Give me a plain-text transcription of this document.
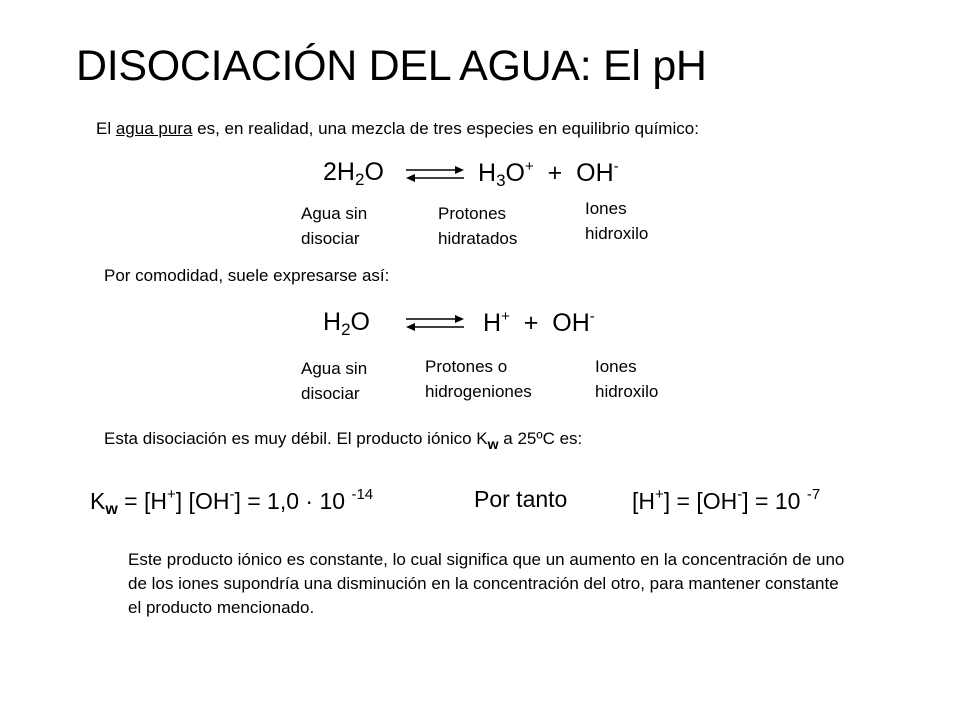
DISOCIACIÓN DEL AGUA: El pH
El agua pura es, en realidad, una mezcla de tres especies en equilibrio químico:
$2H_2O$	$H_3O^+ + OH^-$
Agua sin
disociar
Protones
hidratados
Iones
hidroxilo
Por comodidad, suele expresarse así:
$H_2O$	H+ + OH-
Agua sin
disociar
Protones o
hidrogeniones
Iones
hidroxilo
Esta disociación es muy débil. El producto iónico $K_w$ a 25ºC es:
$K_w = [H^+] [OH^-] = 1,0 \cdot 10$ $^{-14}$	Por tanto	[H+] = [OH-] = 10 $^{-7}$
Este producto iónico es constante, lo cual significa que un aumento en la concentración de uno de los iones supondría una disminución en la concentración del otro, para mantener constante el producto mencionado.
